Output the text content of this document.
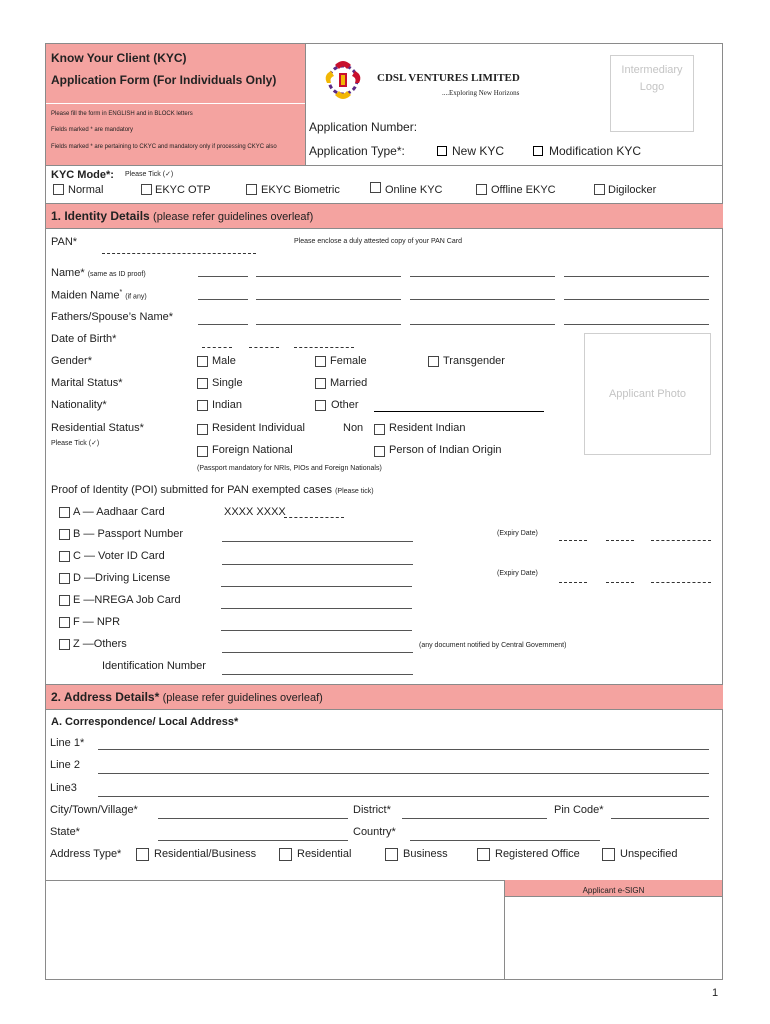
Know Your Client (KYC)
Application Form (For Individuals Only)
Please fill the form in ENGLISH and in BLOCK letters
Fields marked * are mandatory
Fields marked * are pertaining to CKYC and mandatory only if processing CKYC also
CDSL VENTURES LIMITED
....Exploring New Horizons
Intermediary Logo
Application Number:
Application Type*:	New KYC	Modification KYC
KYC Mode*: Please Tick (✓)
Normal	EKYC OTP	EKYC Biometric	Online KYC	Offline EKYC	Digilocker
1. Identity Details (please refer guidelines overleaf)
PAN*	Please enclose a duly attested copy of your PAN Card
Name* (same as ID proof)
Maiden Name* (if any)
Fathers/Spouse’s Name*
Date of Birth*
Applicant Photo
Gender*	Male	Female	Transgender
Marital Status*	Single	Married
Nationality*	Indian	Other
Residential Status*
Please Tick (✓)
Resident Individual	Non Resident Indian
Foreign National	Person of Indian Origin
(Passport mandatory for NRIs, PIOs and Foreign Nationals)
Proof of Identity (POI) submitted for PAN exempted cases (Please tick)
A — Aadhaar Card	XXXX XXXX
B — Passport Number	(Expiry Date)
C — Voter ID Card
D —Driving License	(Expiry Date)
E —NREGA Job Card
F — NPR
Z —Others	(any document notified by Central Government)
Identification Number
2. Address Details* (please refer guidelines overleaf)
A. Correspondence/ Local Address*
Line 1*
Line 2
Line3
City/Town/Village*	District*	Pin Code*
State*	Country*
Address Type*	Residential/Business	Residential	Business	Registered Office	Unspecified
Applicant e-SIGN
1
